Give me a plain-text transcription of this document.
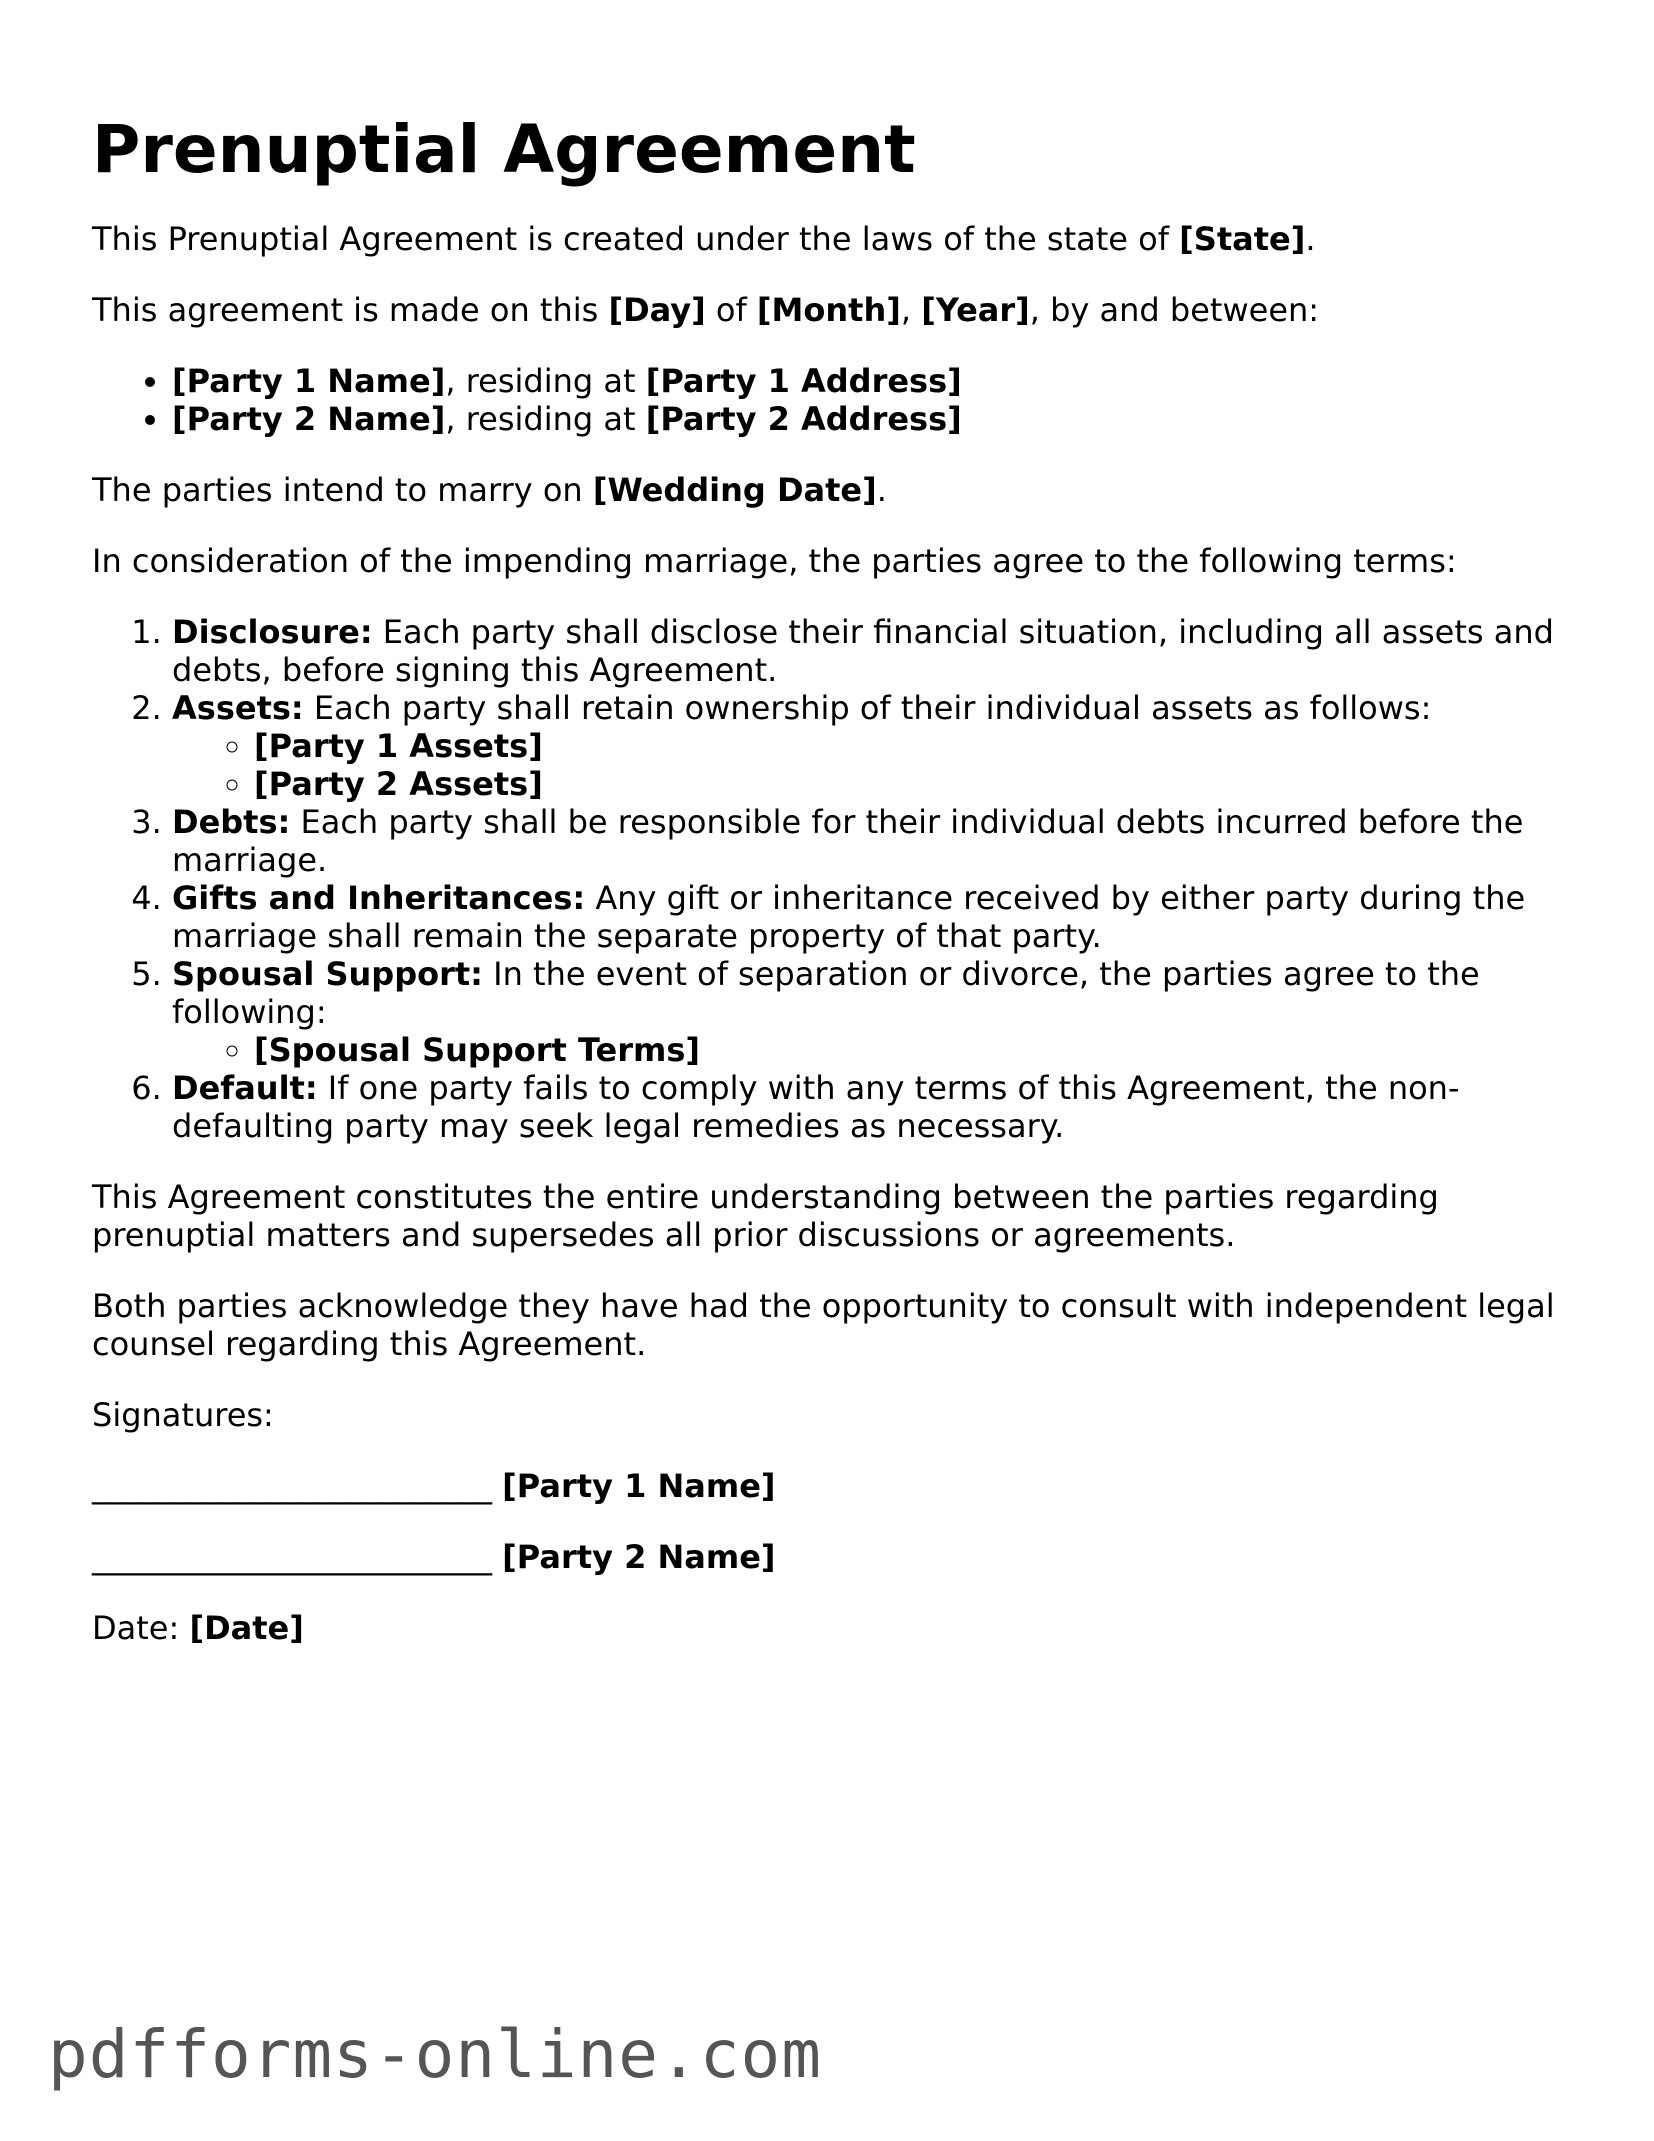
Prenuptial Agreement

This Prenuptial Agreement is created under the laws of the state of [State].

This agreement is made on this [Day] of [Month], [Year], by and between:

• [Party 1 Name], residing at [Party 1 Address]
• [Party 2 Name], residing at [Party 2 Address]

The parties intend to marry on [Wedding Date].

In consideration of the impending marriage, the parties agree to the following terms:

1. Disclosure: Each party shall disclose their financial situation, including all assets and debts, before signing this Agreement.
2. Assets: Each party shall retain ownership of their individual assets as follows:
◦ [Party 1 Assets]
◦ [Party 2 Assets]
3. Debts: Each party shall be responsible for their individual debts incurred before the marriage.
4. Gifts and Inheritances: Any gift or inheritance received by either party during the marriage shall remain the separate property of that party.
5. Spousal Support: In the event of separation or divorce, the parties agree to the following:
◦ [Spousal Support Terms]
6. Default: If one party fails to comply with any terms of this Agreement, the non-defaulting party may seek legal remedies as necessary.

This Agreement constitutes the entire understanding between the parties regarding prenuptial matters and supersedes all prior discussions or agreements.

Both parties acknowledge they have had the opportunity to consult with independent legal counsel regarding this Agreement.

Signatures:

_________________________ [Party 1 Name]

_________________________ [Party 2 Name]

Date: [Date]

pdfforms-online.com
